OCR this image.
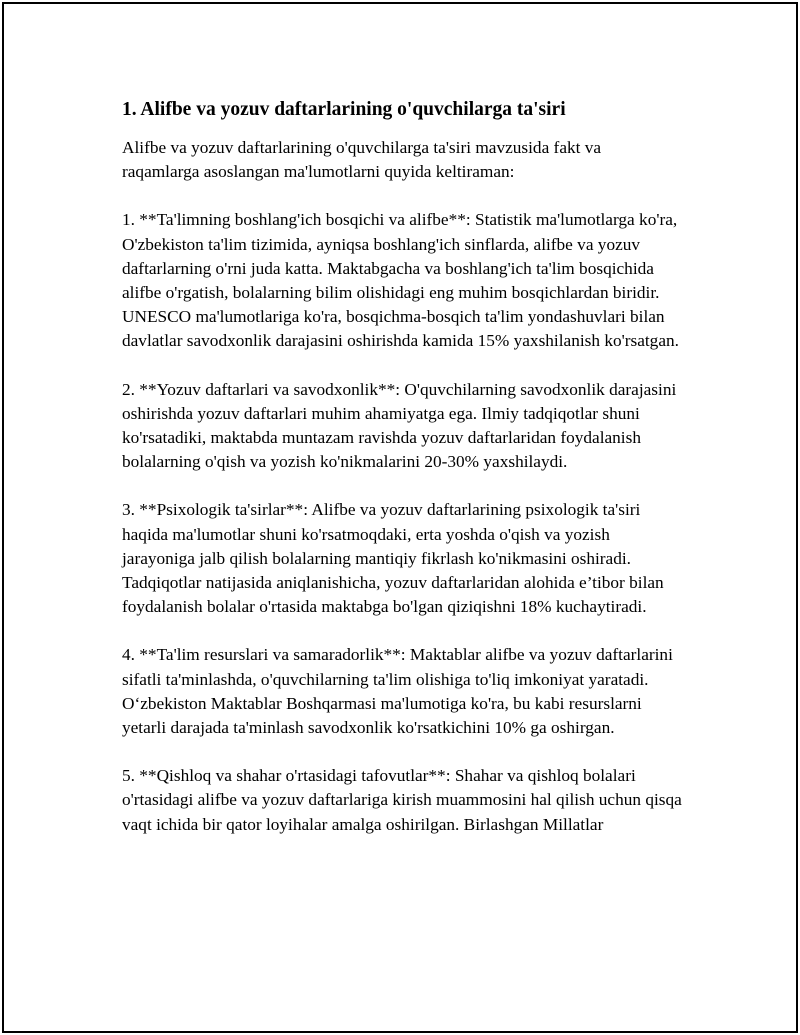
1. Alifbe va yozuv daftarlarining o'quvchilarga ta'siri

Alifbe va yozuv daftarlarining o'quvchilarga ta'siri mavzusida fakt va raqamlarga asoslangan ma'lumotlarni quyida keltiraman:

1. **Ta'limning boshlang'ich bosqichi va alifbe**: Statistik ma'lumotlarga ko'ra, O'zbekiston ta'lim tizimida, ayniqsa boshlang'ich sinflarda, alifbe va yozuv daftarlarning o'rni juda katta. Maktabgacha va boshlang'ich ta'lim bosqichida alifbe o'rgatish, bolalarning bilim olishidagi eng muhim bosqichlardan biridir. UNESCO ma'lumotlariga ko'ra, bosqichma-bosqich ta'lim yondashuvlari bilan davlatlar savodxonlik darajasini oshirishda kamida 15% yaxshilanish ko'rsatgan.

2. **Yozuv daftarlari va savodxonlik**: O'quvchilarning savodxonlik darajasini oshirishda yozuv daftarlari muhim ahamiyatga ega. Ilmiy tadqiqotlar shuni ko'rsatadiki, maktabda muntazam ravishda yozuv daftarlaridan foydalanish bolalarning o'qish va yozish ko'nikmalarini 20-30% yaxshilaydi.

3. **Psixologik ta'sirlar**: Alifbe va yozuv daftarlarining psixologik ta'siri haqida ma'lumotlar shuni ko'rsatmoqdaki, erta yoshda o'qish va yozish jarayoniga jalb qilish bolalarning mantiqiy fikrlash ko'nikmasini oshiradi. Tadqiqotlar natijasida aniqlanishicha, yozuv daftarlaridan alohida e’tibor bilan foydalanish bolalar o'rtasida maktabga bo'lgan qiziqishni 18% kuchaytiradi.

4. **Ta'lim resurslari va samaradorlik**: Maktablar alifbe va yozuv daftarlarini sifatli ta'minlashda, o'quvchilarning ta'lim olishiga to'liq imkoniyat yaratadi. O‘zbekiston Maktablar Boshqarmasi ma'lumotiga ko'ra, bu kabi resurslarni yetarli darajada ta'minlash savodxonlik ko'rsatkichini 10% ga oshirgan.

5. **Qishloq va shahar o'rtasidagi tafovutlar**: Shahar va qishloq bolalari o'rtasidagi alifbe va yozuv daftarlariga kirish muammosini hal qilish uchun qisqa vaqt ichida bir qator loyihalar amalga oshirilgan. Birlashgan Millatlar
